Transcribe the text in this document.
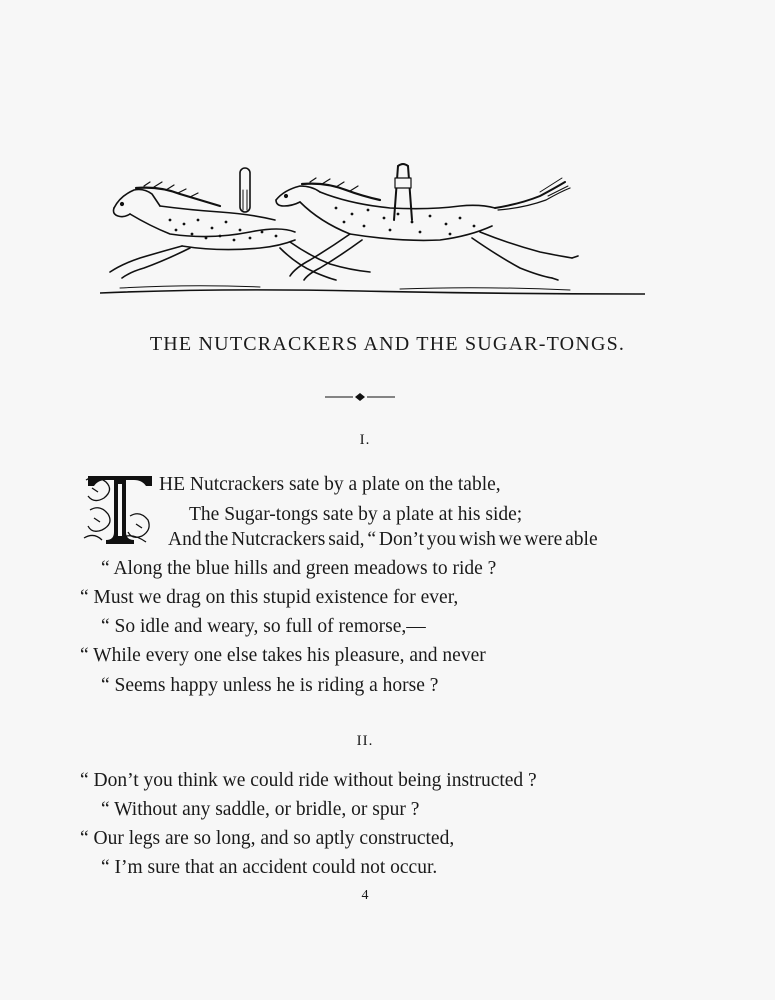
THE NUTCRACKERS AND THE SUGAR-TONGS.
I.
HE Nutcrackers sate by a plate on the table,
The Sugar-tongs sate by a plate at his side;
And the Nutcrackers said, “ Don’t you wish we were able
“ Along the blue hills and green meadows to ride ?
“ Must we drag on this stupid existence for ever,
“ So idle and weary, so full of remorse,—
“ While every one else takes his pleasure, and never
“ Seems happy unless he is riding a horse ?
II.
“ Don’t you think we could ride without being instructed ?
“ Without any saddle, or bridle, or spur ?
“ Our legs are so long, and so aptly constructed,
“ I’m sure that an accident could not occur.
4
